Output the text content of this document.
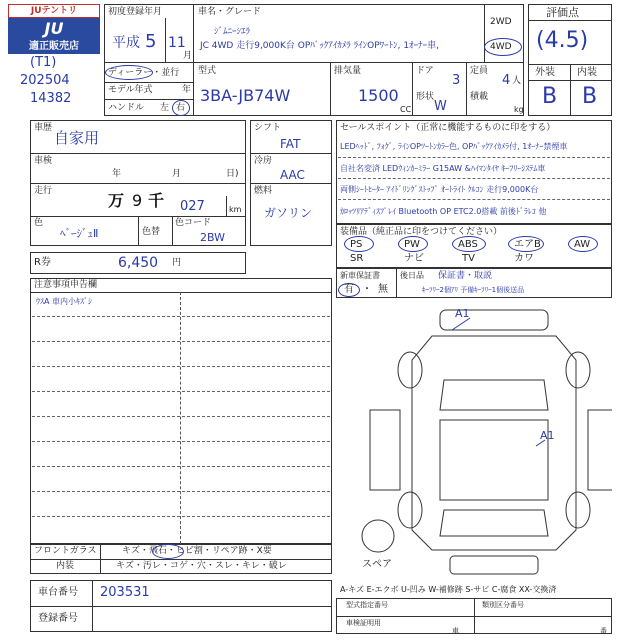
JUテントリ
JU
適正販売店
(T1)
202504
14382
初度登録年月
平成 5 11
月
ディーラー・並行
モデル年式	年
ハンドル 左 右
車名・グレード
ｼﾞﾑﾆｰｼｴﾗ
JC 4WD 走行9,000K台 OPﾊﾞｯｸｱｲｶﾒﾗ ﾗｲﾝOPﾜｰﾄﾝ, 1ｵｰﾅｰ車,
2WD
4WD
型式
3BA-JB74W
排気量
1500
CC
ドア
3
形状
W
定員
4 人
積載
kg
評価点
(4.5)
外装 内装
B B
車歴
自家用
車検
年	月	日)
走行	万 9 千 027	km
色
ﾍﾞｰｼﾞｭⅡ	色替
色コード
2BW
R券	6,450 円
シフト
FAT
冷房
AAC
燃料
ガソリン
セールスポイント（正常に機能するものに印をする）
LEDﾍｯﾄﾞ, ﾌｫｸﾞ, ﾗｲﾝOPﾂｰﾄﾝｶﾗｰ色, OPﾊﾞｯｸｱｲｶﾒﾗ付, 1ｵｰﾅｰ禁煙車
自社名変済 LEDｳｨﾝｶｰﾐﾗｰ G15AW &ﾊｲﾏﾝﾀｲﾔ ｷｰﾌﾘｰｼｽﾃﾑ車
両側ｼｰﾄﾋｰﾀｰ ｱｲﾄﾞﾘﾝｸﾞｽﾄｯﾌﾟ ｵｰﾄﾗｲﾄ ｸﾙｺﾝ 走行9,000K台
ｶﾛｯﾂﾘｱﾃﾞｨｽﾌﾟﾚｲ Bluetooth OP ETC2.0搭載 前後ﾄﾞﾗﾚｺ 他
装備品（純正品に印をつけてください）
PS	PW	ABS	エアB	AW
SR	ナビ	TV	カワ
新車保証書
有 ・ 無
後日品 保証書・取説
ｷｰﾌﾘｰ2個ｱﾘ 予備ｷｰﾌﾘｰ1個後送品
注意事項申告欄
ｳｽA 車内小ｷｽﾞｼ
フロントガラス	キズ・飛石・ヒビ割・リペア跡・X要
内装	キズ・汚レ・コゲ・穴・スレ・キレ・破レ
車台番号 203531
登録番号
A1
A1
スペア
A-キズ E-エクボ U-凹み W-補修跡 S-サビ C-腐食 XX-交換済
型式指定番号	類別区分番号
車検証明用
車	番
